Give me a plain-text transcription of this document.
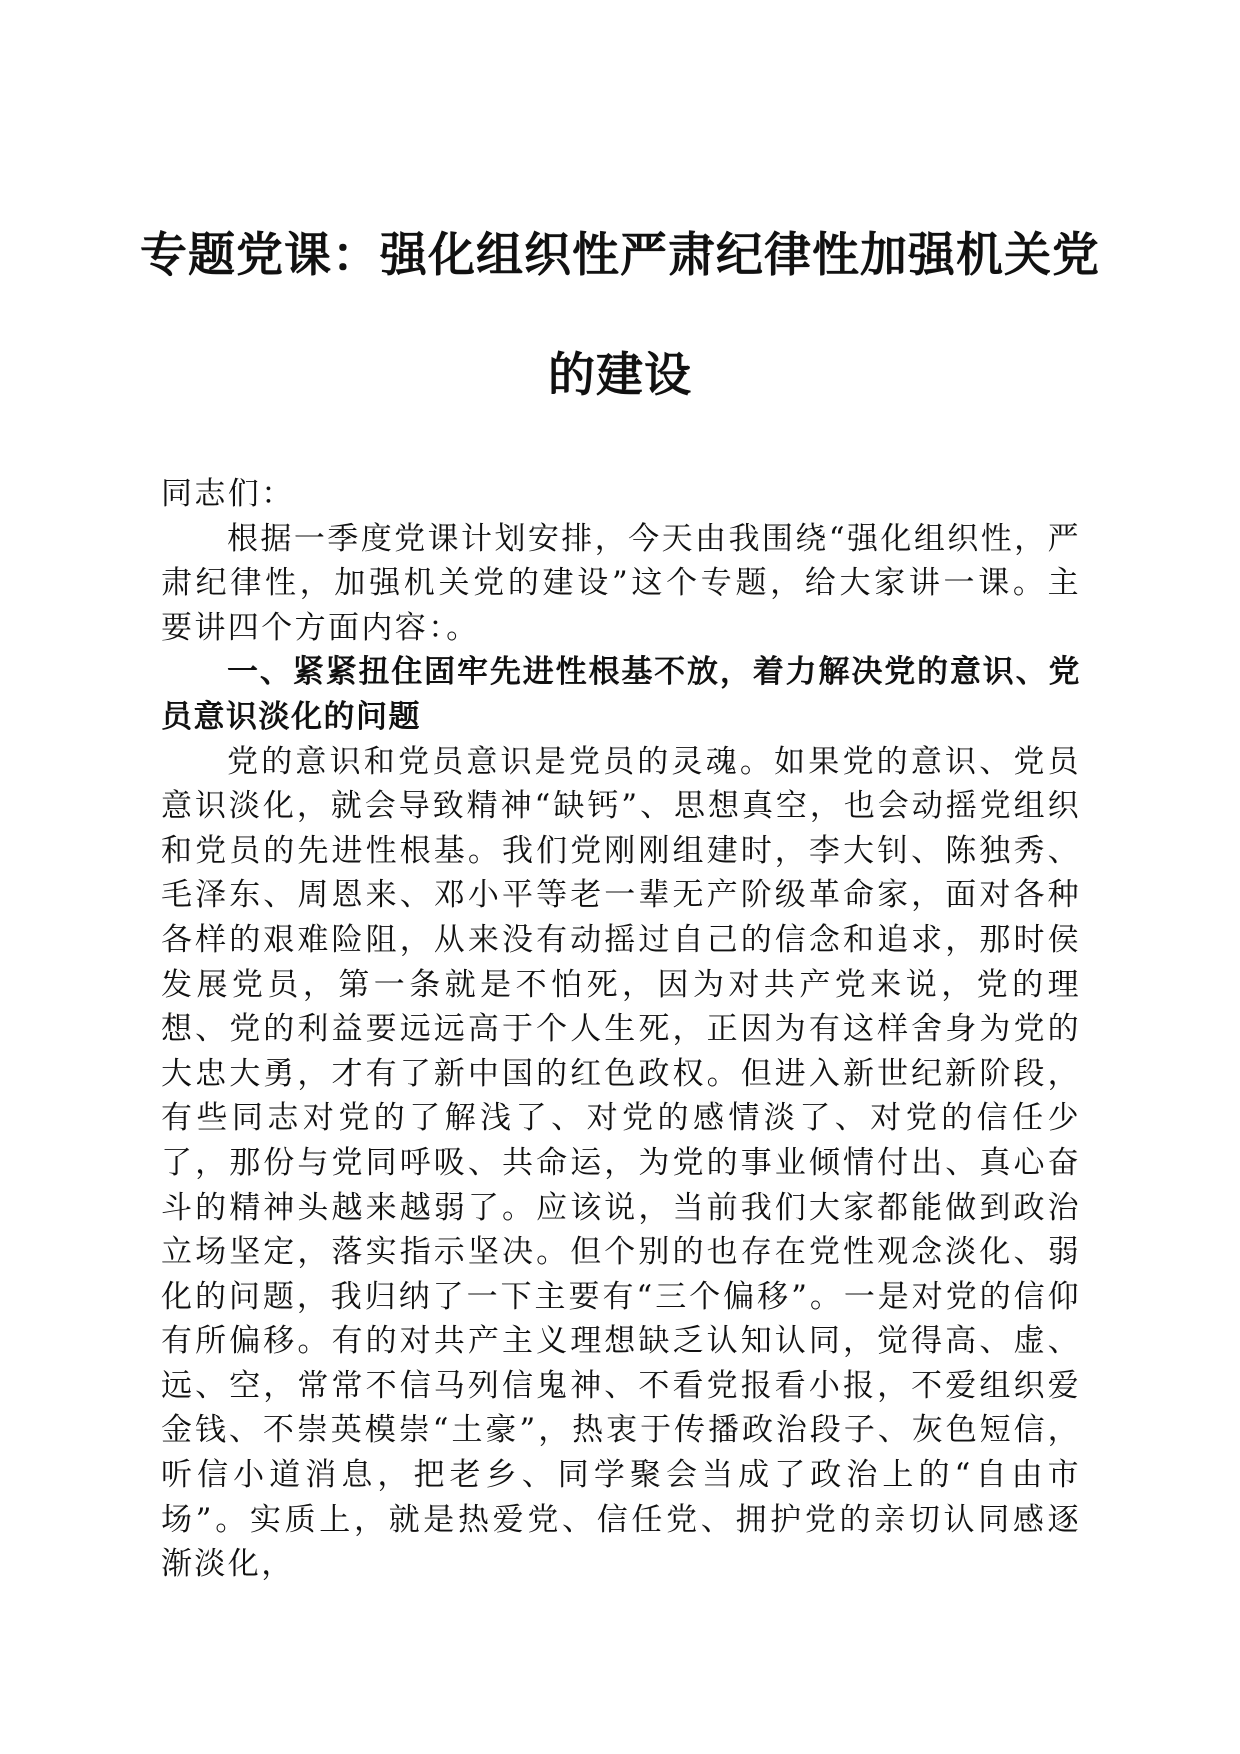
专题党课：强化组织性严肃纪律性加强机关党
的建设

同志们：

根据一季度党课计划安排，今天由我围绕“强化组织性，严肃纪律性，加强机关党的建设”这个专题，给大家讲一课。主要讲四个方面内容：。

一、紧紧扭住固牢先进性根基不放，着力解决党的意识、党员意识淡化的问题

党的意识和党员意识是党员的灵魂。如果党的意识、党员意识淡化，就会导致精神“缺钙”、思想真空，也会动摇党组织和党员的先进性根基。我们党刚刚组建时，李大钊、陈独秀、毛泽东、周恩来、邓小平等老一辈无产阶级革命家，面对各种各样的艰难险阻，从来没有动摇过自己的信念和追求，那时侯发展党员，第一条就是不怕死，因为对共产党来说，党的理想、党的利益要远远高于个人生死，正因为有这样舍身为党的大忠大勇，才有了新中国的红色政权。但进入新世纪新阶段，有些同志对党的了解浅了、对党的感情淡了、对党的信任少了，那份与党同呼吸、共命运，为党的事业倾情付出、真心奋斗的精神头越来越弱了。应该说，当前我们大家都能做到政治立场坚定，落实指示坚决。但个别的也存在党性观念淡化、弱化的问题，我归纳了一下主要有“三个偏移”。一是对党的信仰有所偏移。有的对共产主义理想缺乏认知认同，觉得高、虚、远、空，常常不信马列信鬼神、不看党报看小报，不爱组织爱金钱、不崇英模崇“土豪”，热衷于传播政治段子、灰色短信，听信小道消息，把老乡、同学聚会当成了政治上的“自由市场”。实质上，就是热爱党、信任党、拥护党的亲切认同感逐渐淡化，
